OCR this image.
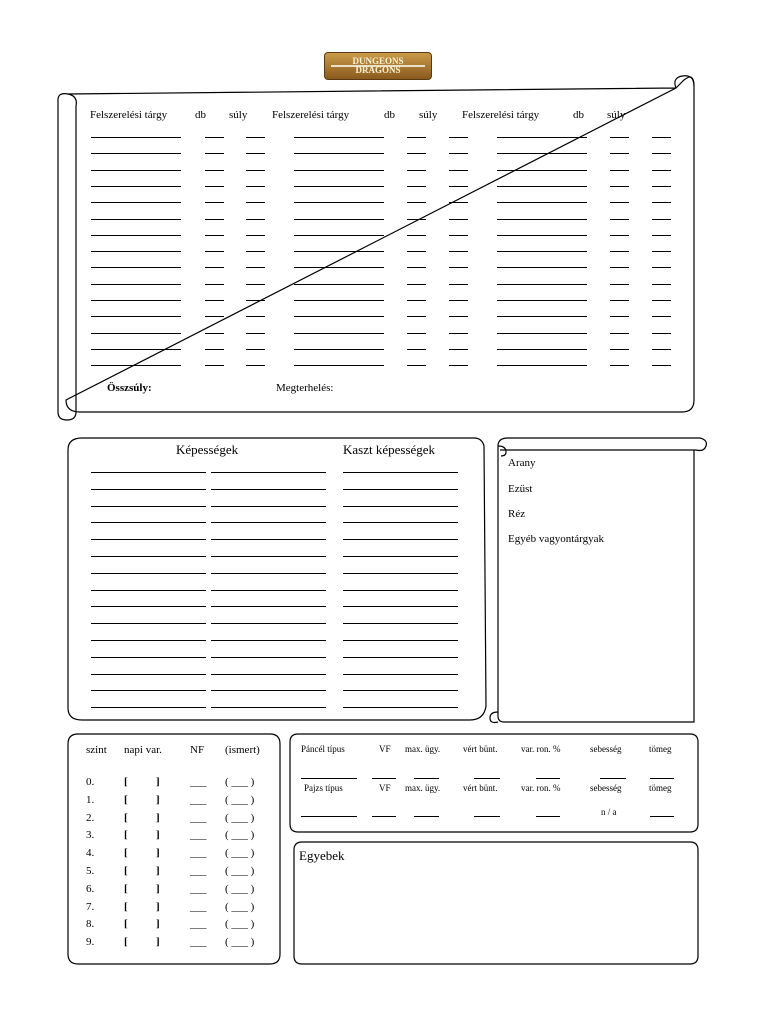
DUNGEONS
DRAGONS
Felszerelési tárgy	db súly Felszerelési tárgy	db súly Felszerelési tárgy	db súly
Összsúly:	Megterhelés:
Képességek	Kaszt képességek
Arany
Ezüst
Réz
Egyéb vagyontárgyak
szint napi var.	NF (ismert)
0.	[	]	___ ( ___ )
1.	[	]	___ ( ___ )
2.	[	]	___ ( ___ )
3.	[	]	___ ( ___ )
4.	[	]	___ ( ___ )
5.	[	]	___ ( ___ )
6.	[	]	___ ( ___ )
7.	[	]	___ ( ___ )
8.	[	]	___ ( ___ )
9.	[	]	___ ( ___ )
Páncél típus	VF max. ügy.	vért bünt.	var. ron. %	sebesség	tömeg
Pajzs típus	VF max. ügy.	vért bünt.	var. ron. %	sebesség	tömeg
n / a
Egyebek
